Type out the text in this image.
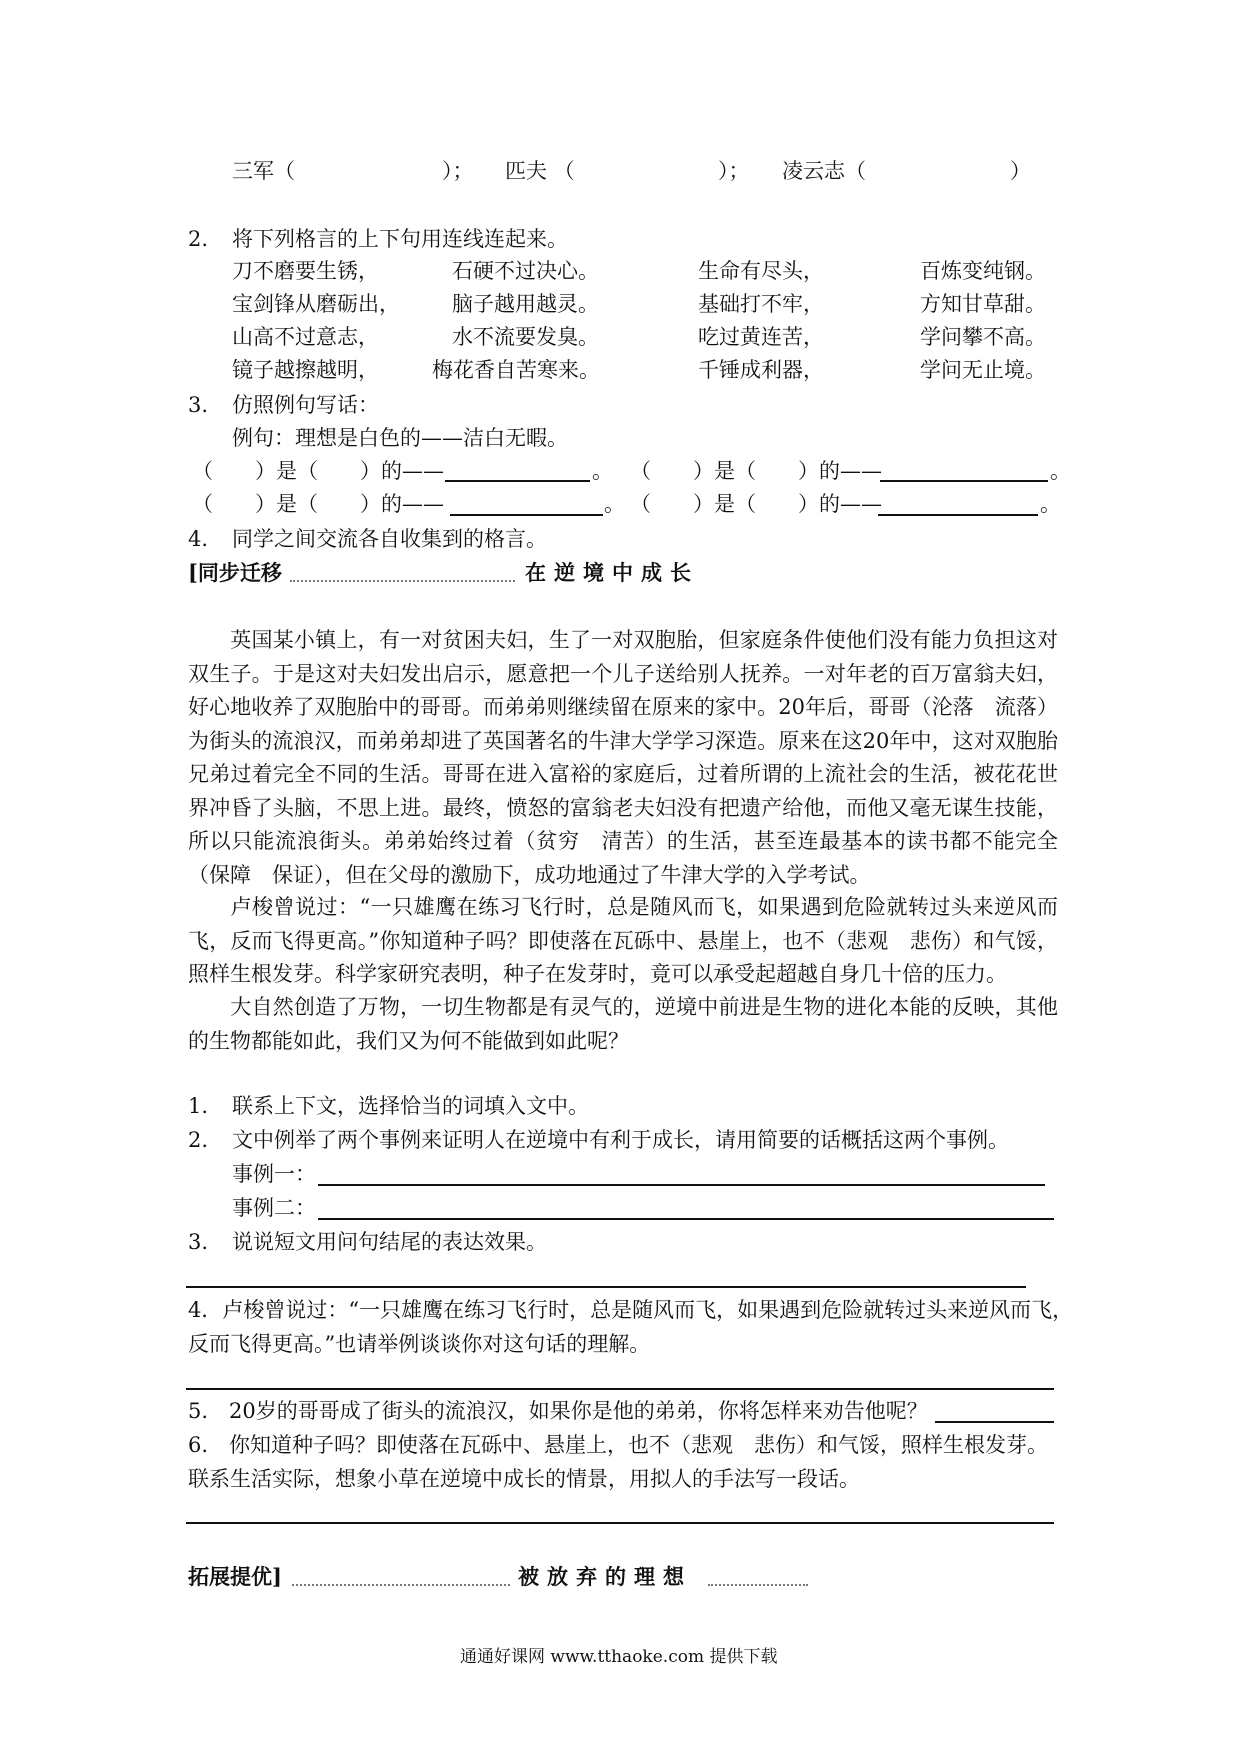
三军（	）； 匹夫 （	）； 凌云志（	）
2. 将下列格言的上下句用连线连起来。
刀不磨要生锈，	石硬不过决心。	生命有尽头，	百炼变纯钢。
宝剑锋从磨砺出， 脑子越用越灵。	基础打不牢，	方知甘草甜。
山高不过意志，	水不流要发臭。	吃过黄连苦，	学问攀不高。
镜子越擦越明，	梅花香自苦寒来。	千锤成利器，	学问无止境。
3. 仿照例句写话：
例句：理想是白色的——洁白无暇。
（　　）是（　　）的——	。 （　　）是（　　）的——	。
（　　）是（　　）的——	。 （　　）是（　　）的——	。
4. 同学之间交流各自收集到的格言。
[同步迁移	在逆境中成长
英国某小镇上，有一对贫困夫妇，生了一对双胞胎，但家庭条件使他们没有能力负担这对双生子。于是这对夫妇发出启示，愿意把一个儿子送给别人抚养。一对年老的百万富翁夫妇，好心地收养了双胞胎中的哥哥。而弟弟则继续留在原来的家中。20年后，哥哥（沦落　流落）为街头的流浪汉，而弟弟却进了英国著名的牛津大学学习深造。原来在这20年中，这对双胞胎兄弟过着完全不同的生活。哥哥在进入富裕的家庭后，过着所谓的上流社会的生活，被花花世界冲昏了头脑，不思上进。最终，愤怒的富翁老夫妇没有把遗产给他，而他又毫无谋生技能，所以只能流浪街头。弟弟始终过着（贫穷　清苦）的生活，甚至连最基本的读书都不能完全（保障　保证），但在父母的激励下，成功地通过了牛津大学的入学考试。
卢梭曾说过：“一只雄鹰在练习飞行时，总是随风而飞，如果遇到危险就转过头来逆风而飞，反而飞得更高。”你知道种子吗？即使落在瓦砾中、悬崖上，也不（悲观　悲伤）和气馁，照样生根发芽。科学家研究表明，种子在发芽时，竟可以承受起超越自身几十倍的压力。
大自然创造了万物，一切生物都是有灵气的，逆境中前进是生物的进化本能的反映，其他的生物都能如此，我们又为何不能做到如此呢？
1. 联系上下文，选择恰当的词填入文中。
2. 文中例举了两个事例来证明人在逆境中有利于成长，请用简要的话概括这两个事例。
事例一：
事例二：
3. 说说短文用问句结尾的表达效果。
4．卢梭曾说过：“一只雄鹰在练习飞行时，总是随风而飞，如果遇到危险就转过头来逆风而飞，
反而飞得更高。”也请举例谈谈你对这句话的理解。
5.　20岁的哥哥成了街头的流浪汉，如果你是他的弟弟，你将怎样来劝告他呢？
6.　你知道种子吗？即使落在瓦砾中、悬崖上，也不（悲观　悲伤）和气馁，照样生根发芽。
联系生活实际，想象小草在逆境中成长的情景，用拟人的手法写一段话。
拓展提优]	被放弃的理想
通通好课网 www.tthaoke.com 提供下载
